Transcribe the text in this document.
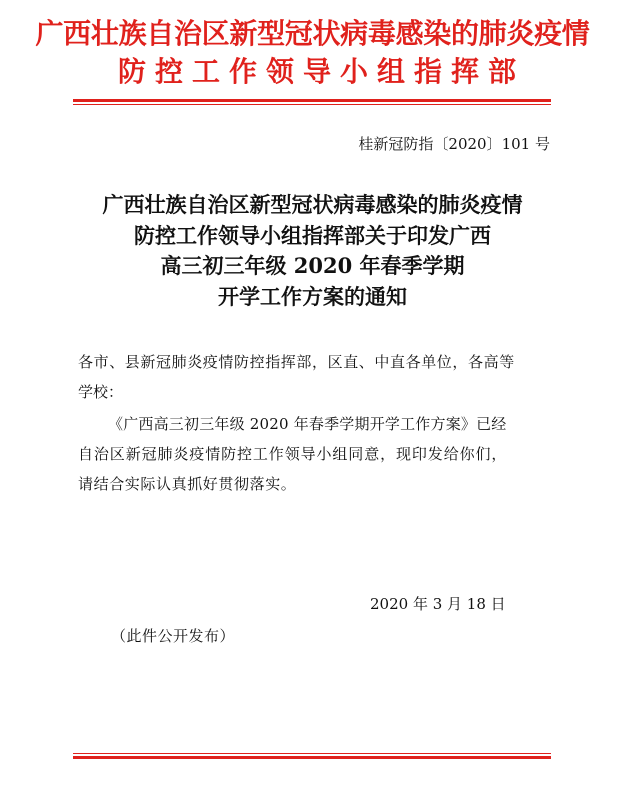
广西壮族自治区新型冠状病毒感染的肺炎疫情
防控工作领导小组指挥部
桂新冠防指〔2020〕101 号
广西壮族自治区新型冠状病毒感染的肺炎疫情
防控工作领导小组指挥部关于印发广西
高三初三年级 2020 年春季学期
开学工作方案的通知
各市、县新冠肺炎疫情防控指挥部，区直、中直各单位，各高等
学校：
《广西高三初三年级 2020 年春季学期开学工作方案》已经
自治区新冠肺炎疫情防控工作领导小组同意，现印发给你们，
请结合实际认真抓好贯彻落实。
2020 年 3 月 18 日
（此件公开发布）
